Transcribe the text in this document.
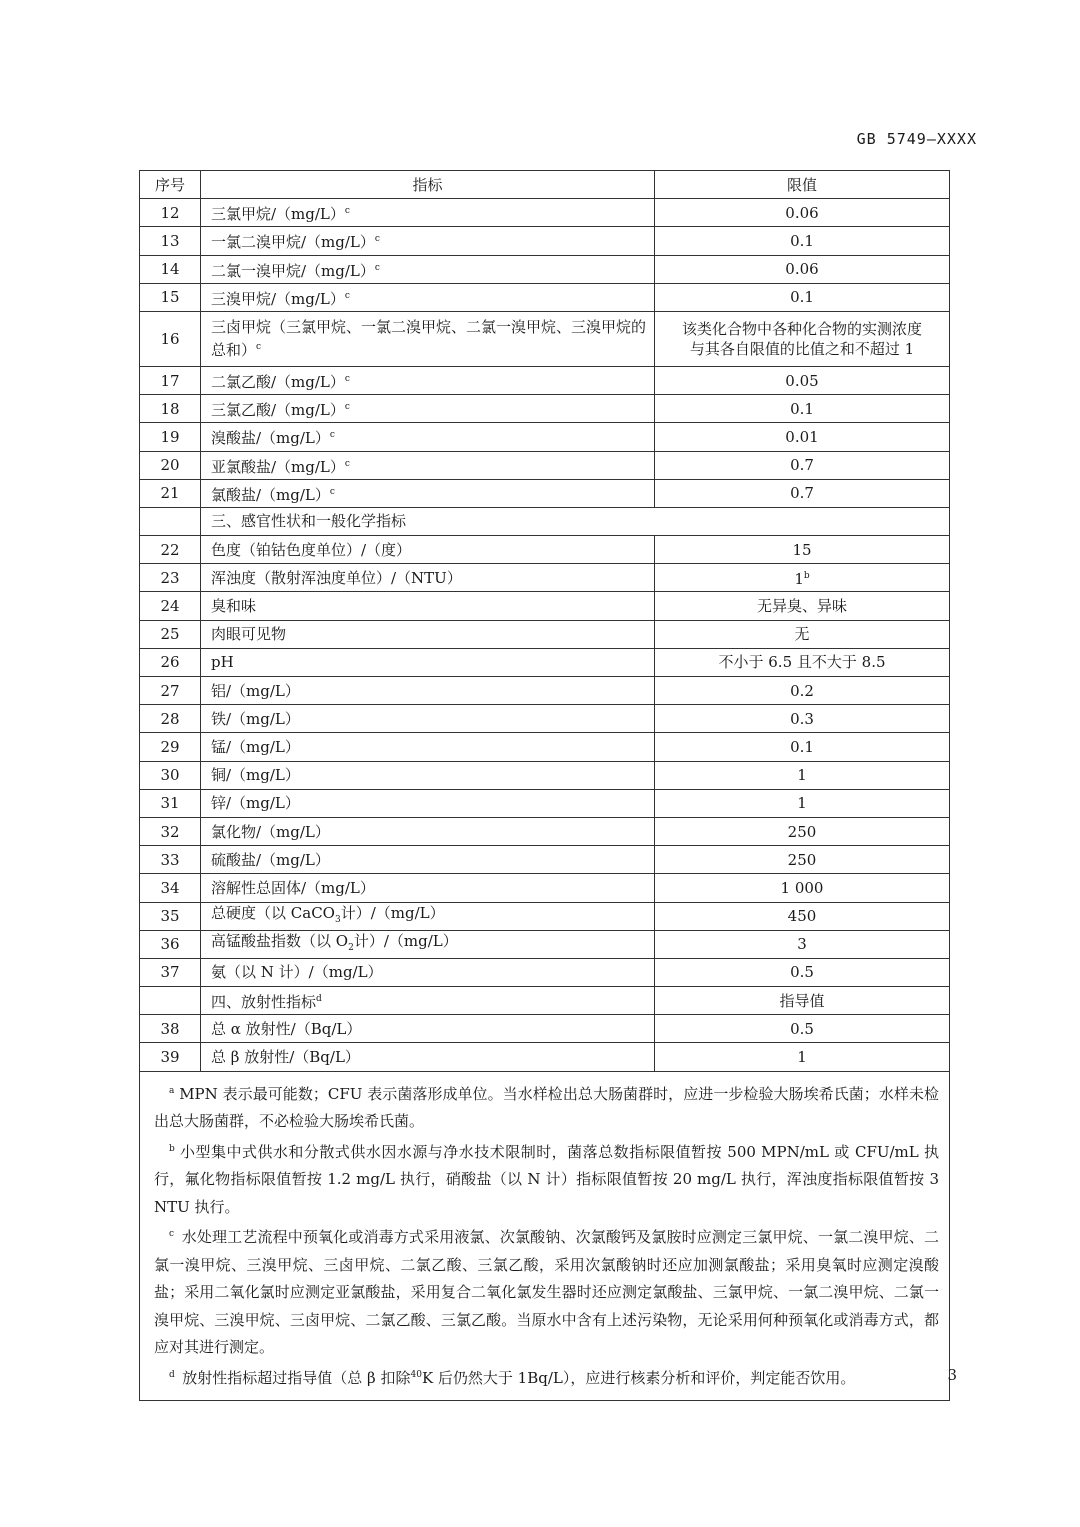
GB 5749—XXXX
序号	指标	限值
12	三氯甲烷$/(mg/L)^c$	0.06
13	一氯二溴甲烷$/(mg/L)^c$	0.1
14	二氯一溴甲烷$/(mg/L)^c$	0.06
15	三溴甲烷$/(mg/L)^c$	0.1
16	三卤甲烷（三氯甲烷、一氯二溴甲烷、二氯一溴甲烷、三溴甲烷的总和）$^c$	该类化合物中各种化合物的实测浓度
与其各自限值的比值之和不超过 1

17	二氯乙酸$/(mg/L)^c$	0.05
18	三氯乙酸$/(mg/L)^c$	0.1
19	溴酸盐$/(mg/L)^c$	0.01
20	亚氯酸盐$/(mg/L)^c$	0.7
21	氯酸盐$/(mg/L)^c$	0.7
	三、感官性状和一般化学指标	
22	色度（铂钴色度单位）/（度）	15
23	浑浊度（散射浑浊度单位）/（NTU）	1$^b$
24	臭和味	无异臭、异味
25	肉眼可见物	无
26	pH	不小于 6.5 且不大于 8.5
27	铝/（mg/L）	0.2
28	铁/（mg/L）	0.3
29	锰/（mg/L）	0.1
30	铜/（mg/L）	1
31	锌/（mg/L）	1
32	氯化物/（mg/L）	250
33	硫酸盐/（mg/L）	250
34	溶解性总固体/（mg/L）	1 000
35	总硬度（以 CaCO$_3$计）/（mg/L）	450
36	高锰酸盐指数（以 $O_2$计）/（mg/L）	3
37	氨（以 N 计）/（mg/L）	0.5
	四、放射性指标$^d$	指导值
38	总 α 放射性/（Bq/L）	0.5
39	总 β 放射性/（Bq/L）	1

 $^a$ MPN 表示最可能数；CFU 表示菌落形成单位。当水样检出总大肠菌群时，应进一步检验大肠埃希氏菌；水样未检出总大肠菌群，不必检验大肠埃希氏菌。

 $^b$ 小型集中式供水和分散式供水因水源与净水技术限制时，菌落总数指标限值暂按 500 MPN/mL 或 CFU/mL 执行，氟化物指标限值暂按 1.2 mg/L 执行，硝酸盐（以 N 计）指标限值暂按 20 mg/L 执行，浑浊度指标限值暂按 3 NTU 执行。

 $^c$  水处理工艺流程中预氧化或消毒方式采用液氯、次氯酸钠、次氯酸钙及氯胺时应测定三氯甲烷、一氯二溴甲烷、二氯一溴甲烷、三溴甲烷、三卤甲烷、二氯乙酸、三氯乙酸，采用次氯酸钠时还应加测氯酸盐；采用臭氧时应测定溴酸盐；采用二氧化氯时应测定亚氯酸盐，采用复合二氧化氯发生器时还应测定氯酸盐、三氯甲烷、一氯二溴甲烷、二氯一溴甲烷、三溴甲烷、三卤甲烷、二氯乙酸、三氯乙酸。当原水中含有上述污染物，无论采用何种预氧化或消毒方式，都应对其进行测定。

 $^d$  放射性指标超过指导值（总 β 扣除$^{40}$K 后仍然大于 1Bq/L），应进行核素分析和评价，判定能否饮用。			3
